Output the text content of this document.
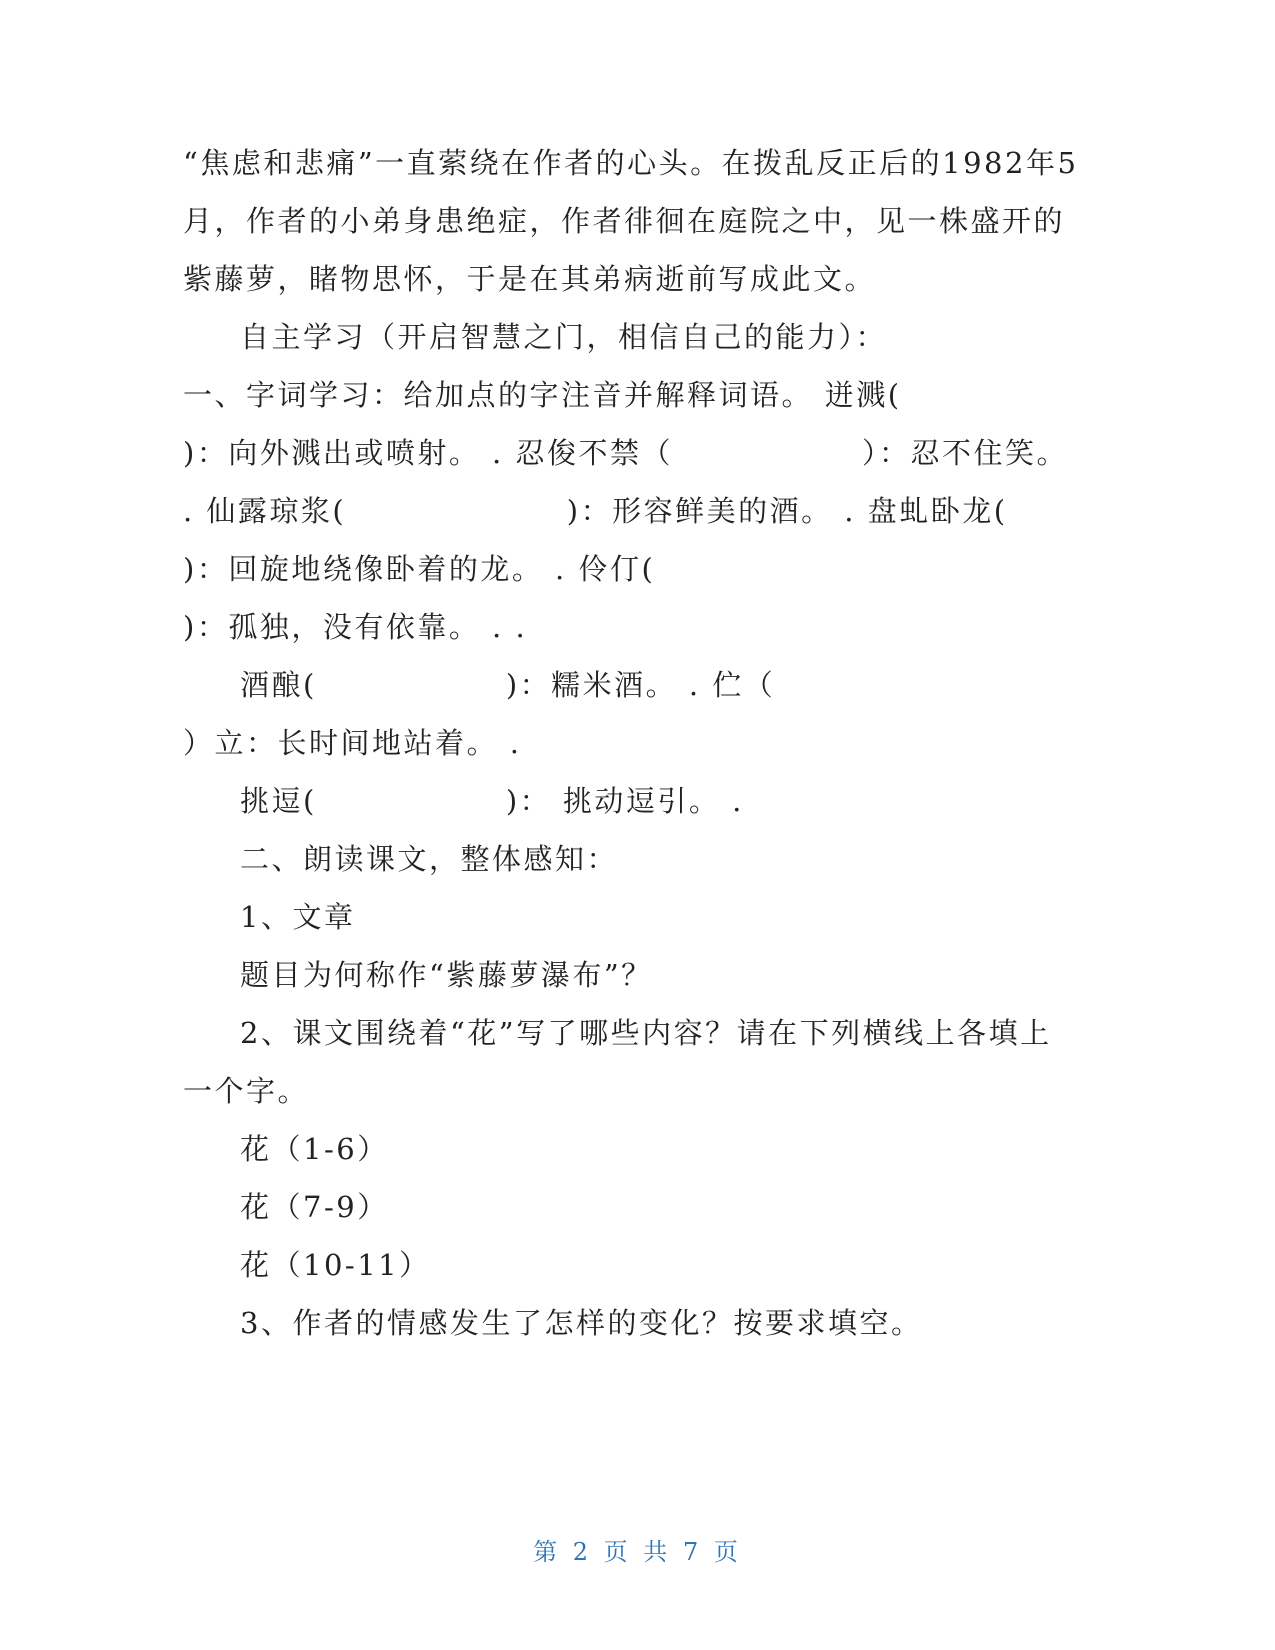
“焦虑和悲痛”一直萦绕在作者的心头。在拨乱反正后的1982年5
月，作者的小弟身患绝症，作者徘徊在庭院之中，见一株盛开的
紫藤萝，睹物思怀，于是在其弟病逝前写成此文。
自主学习（开启智慧之门，相信自己的能力）：
一、字词学习：给加点的字注音并解释词语。 迸溅(
)：向外溅出或喷射。 . 忍俊不禁（　　　　　　）：忍不住笑。
. 仙露琼浆(　　　　　　　)：形容鲜美的酒。 . 盘虬卧龙(
)：回旋地绕像卧着的龙。 . 伶仃(
)：孤独，没有依靠。 . .
酒酿(　　　　　　)：糯米酒。 . 伫（
）立：长时间地站着。 .
挑逗(　　　　　　)： 挑动逗引。 .
二、朗读课文，整体感知：
1、文章
题目为何称作“紫藤萝瀑布”？
2、课文围绕着“花”写了哪些内容？请在下列横线上各填上
一个字。
花（1-6）
花（7-9）
花（10-11）
3、作者的情感发生了怎样的变化？按要求填空。
第 2 页 共 7 页
